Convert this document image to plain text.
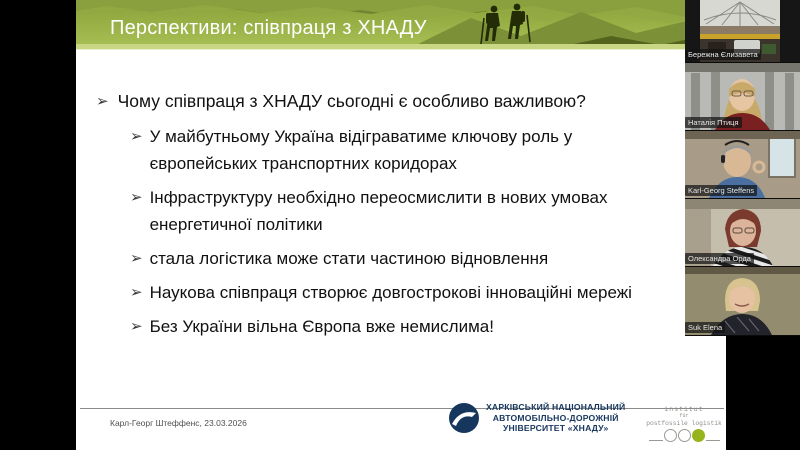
Перспективи: співпраця з ХНАДУ
➢ Чому співпраця з ХНАДУ сьогодні є особливо важливою?
➢ У майбутньому Україна відіграватиме ключову роль у європейських транспортних коридорах
➢ Інфраструктуру необхідно переосмислити в нових умовах енергетичної політики
➢ стала логістика може стати частиною відновлення
➢ Наукова співпраця створює довгострокові інноваційні мережі
➢ Без України вільна Європа вже немислима!
Карл-Георг Штеффенс, 23.03.2026
ХАРКІВСЬКИЙ НАЦІОНАЛЬНИЙ
АВТОМОБІЛЬНО-ДОРОЖНІЙ
УНІВЕРСИТЕТ «ХНАДУ»
institut
für
postfossile logistik
Бережна Єлизавета
Наталія Птиця
Karl-Georg Steffens
Олександра Орда
Suk Elena
